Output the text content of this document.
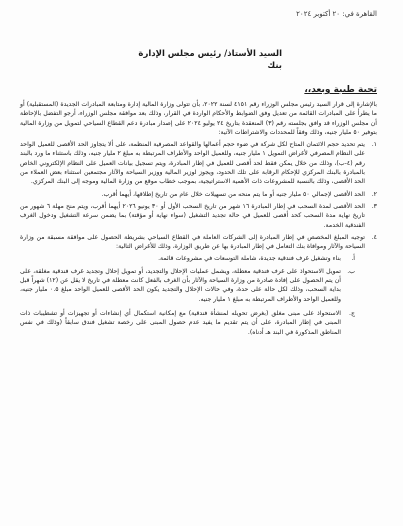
القاهرة في: ٢٠ أكتوبر ٢٠٢٤
السيد الأستاذ/ رئيس مجلس الإدارة
بنك
تحية طيبة وبعد،،

بالإشارة إلى قرار السيد رئيس مجلس الوزراء رقم ٤١٥١ لسنة ٢٠٢٢، بأن تتولى وزارة المالية إدارة ومتابعة المبادرات الجديدة (المستقبلية) أو ما يطرأ على المبادرات القائمة من تعديل وفق الضوابط والأحكام الواردة في القرار، وذلك بعد موافقة مجلس الوزراء، أرجو التفضل بالإحاطة أن مجلس الوزراء قد وافق بجلسته رقم (٣) المنعقدة بتاريخ ٢٤ يوليو ٢٠٢٤ على إصدار مبادرة دعم القطاع السياحي لتمويل من وزارة المالية بتوفير ٥٠ مليار جنيه، وذلك وفقاً للمحددات والاشتراطات الآتية:

١.
يتم تحديد حجم الائتمان المتاح لكل شركة في ضوء حجم أعمالها والقواعد المصرفية المنظمة، على ألا يتجاوز الحد الأقصى للعميل الواحد على النظام المصرفي لأغراض التمويل ١ مليار جنيه، وللعميل الواحد والأطراف المرتبطة به مبلغ ٢ مليار جنيه، وذلك باستثناء ما ورد بالبند رقم (٤-ب)، وذلك من خلال يمكن فقط لحد أقصى للعميل في إطار المبادرة، ويتم تسجيل بيانات العميل على النظام الإلكتروني الخاص بالمبادرة بالبنك المركزي للإحكام الرقابة على تلك الحدود، ويجوز لوزير المالية ووزير السياحة والآثار مجتمعين استثناء بعض العملاء من الحد الأقصى، وذلك بالنسبة للمشروعات ذات الأهمية الاستراتيجية، بموجب خطاب موقع من وزارة المالية وموجه إلى البنك المركزي.
٢.
الحد الأقصى لإجمالي ٥٠ مليار جنيه أو ما يتم منحه من تسهيلات خلال عام من تاريخ إطلاقها، أيهما أقرب.
٣.
الحد الأقصى لمدة السحب في إطار المبادرة ١٦ شهر من تاريخ السحب الأول أو ٣٠ يونيو ٢٠٢٦ أيهما أقرب، ويتم منح مهلة ٦ شهور من تاريخ نهاية مدة السحب كحد أقصى للعميل في حالة تجديد التشغيل (سواء نهاية أو مؤقتة) بما يضمن سرعة التشغيل ودخول الغرف الفندقية الخدمة.
٤.
توجيه المبلغ المخصص في إطار المبادرة إلى الشركات العاملة في القطاع السياحي بشريطة الحصول على موافقة مسبقة من وزارة السياحة والآثار وموافاة بنك التعامل في إطار المبادرة بها عن طريق الوزارة، وذلك للأغراض التالية:
أ.
بناء وتشغيل غرف فندقية جديدة، شاملة التوسعات في مشروعات قائمة.
ب.
تمويل الاستحواذ على غرف فندقية معطلة، ويشمل عمليات الإحلال والتجديد، أو تمويل إحلال وتجديد غرف فندقية مغلقة، على أن يتم الحصول على إفادة صادرة من وزارة السياحة والآثار بأن الغرف بالفعل كانت معطلة في تاريخ لا يقل عن (١٢) شهراً قبل بداية السحب، وذلك لكل حالة على حدة، وفي حالات الإحلال والتجديد يكون الحد الأقصى للعميل الواحد مبلغ ٠.٥ مليار جنيه، وللعميل الواحد والأطراف المرتبطة به مبلغ ١ مليار جنيه.
ج.
الاستحواذ على مبنى مغلق (بغرض تحويله لمنشأة فندقية) مع إمكانية استكمال أي إنشاءات أو تجهيزات أو تشطيبات ذات المبنى في إطار المبادرة، على أن يتم تقديم ما يفيد عدم حصول المبنى على رخصة تشغيل فندق سابقاً (وذلك في نفس المناطق المذكورة في البند هـ أدناه).
